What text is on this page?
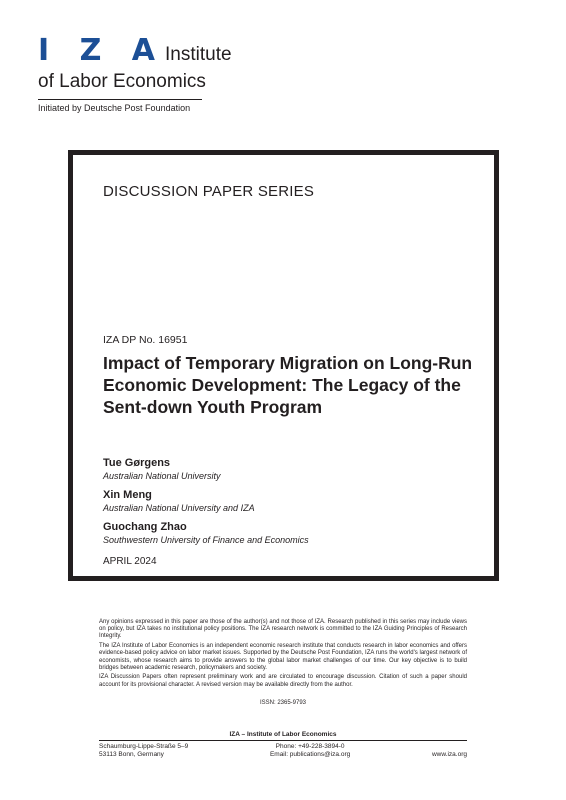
I Z A Institute
of Labor Economics
Initiated by Deutsche Post Foundation
DISCUSSION PAPER SERIES
IZA DP No. 16951
Impact of Temporary Migration on Long-Run Economic Development: The Legacy of the Sent-down Youth Program
Tue Gørgens
Australian National University
Xin Meng
Australian National University and IZA
Guochang Zhao
Southwestern University of Finance and Economics
APRIL 2024

Any opinions expressed in this paper are those of the author(s) and not those of IZA. Research published in this series may include views on policy, but IZA takes no institutional policy positions. The IZA research network is committed to the IZA Guiding Principles of Research Integrity.

The IZA Institute of Labor Economics is an independent economic research institute that conducts research in labor economics and offers evidence-based policy advice on labor market issues. Supported by the Deutsche Post Foundation, IZA runs the world's largest network of economists, whose research aims to provide answers to the global labor market challenges of our time. Our key objective is to build bridges between academic research, policymakers and society.

IZA Discussion Papers often represent preliminary work and are circulated to encourage discussion. Citation of such a paper should account for its provisional character. A revised version may be available directly from the author.

ISSN: 2365-9793
IZA – Institute of Labor Economics
Schaumburg-Lippe-Straße 5–9
53113 Bonn, Germany
Phone: +49-228-3894-0
Email: publications@iza.org	www.iza.org
